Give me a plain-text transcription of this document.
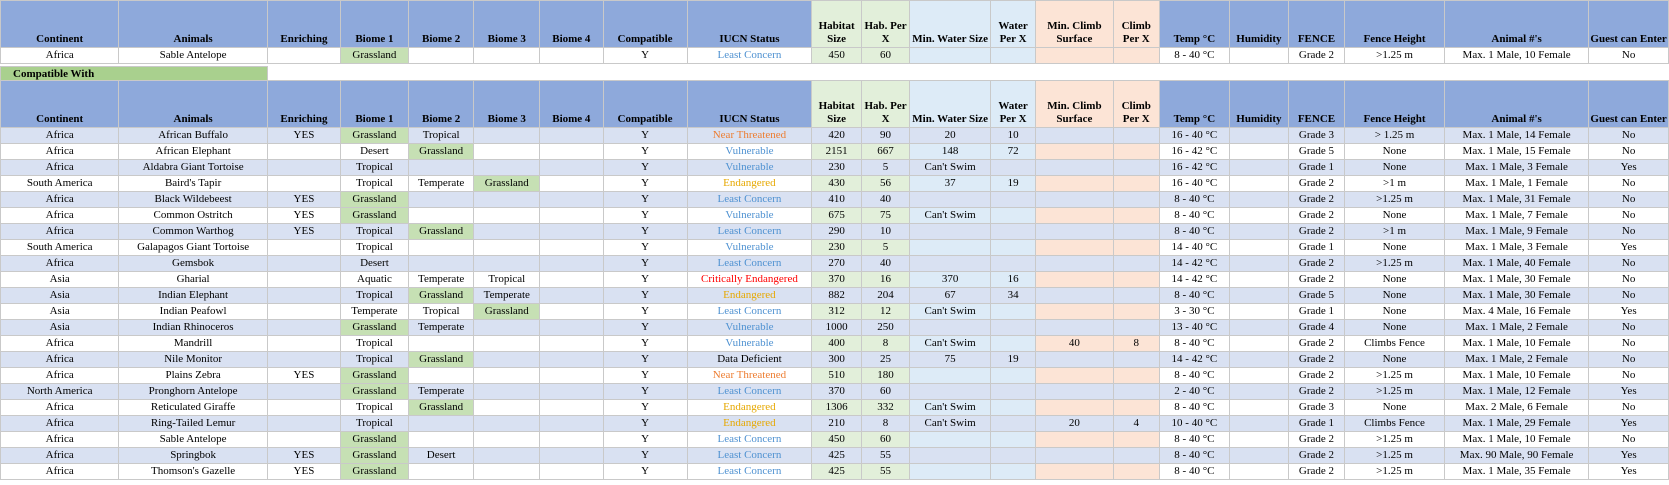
Continent	Animals	Enriching	Biome 1	Biome 2	Biome 3	Biome 4	Compatible	IUCN Status	Habitat Size	Hab. Per X	Min. Water Size	Water Per X	Min. Climb Surface	Climb Per X	Temp °C	Humidity	FENCE	Fence Height	Animal #'s	Guest can Enter
Africa	Sable Antelope		Grassland				Y	Least Concern	450	60					8 - 40 °C		Grade 2	>1.25 m	Max. 1 Male, 10 Female	No
Compatible With	
Continent	Animals	Enriching	Biome 1	Biome 2	Biome 3	Biome 4	Compatible	IUCN Status	Habitat Size	Hab. Per X	Min. Water Size	Water Per X	Min. Climb Surface	Climb Per X	Temp °C	Humidity	FENCE	Fence Height	Animal #'s	Guest can Enter
Africa	African Buffalo	YES	Grassland	Tropical			Y	Near Threatened	420	90	20	10			16 - 40 °C		Grade 3	> 1.25 m	Max. 1 Male, 14 Female	No
Africa	African Elephant		Desert	Grassland			Y	Vulnerable	2151	667	148	72			16 - 42 °C		Grade 5	None	Max. 1 Male, 15 Female	No
Africa	Aldabra Giant Tortoise		Tropical				Y	Vulnerable	230	5	Can't Swim				16 - 42 °C		Grade 1	None	Max. 1 Male, 3 Female	Yes
South America	Baird's Tapir		Tropical	Temperate	Grassland		Y	Endangered	430	56	37	19			16 - 40 °C		Grade 2	>1 m	Max. 1 Male, 1 Female	No
Africa	Black Wildebeest	YES	Grassland				Y	Least Concern	410	40					8 - 40 °C		Grade 2	>1.25 m	Max. 1 Male, 31 Female	No
Africa	Common Ostritch	YES	Grassland				Y	Vulnerable	675	75	Can't Swim				8 - 40 °C		Grade 2	None	Max. 1 Male, 7 Female	No
Africa	Common Warthog	YES	Tropical	Grassland			Y	Least Concern	290	10					8 - 40 °C		Grade 2	>1 m	Max. 1 Male, 9 Female	No
South America	Galapagos Giant Tortoise		Tropical				Y	Vulnerable	230	5					14 - 40 °C		Grade 1	None	Max. 1 Male, 3 Female	Yes
Africa	Gemsbok		Desert				Y	Least Concern	270	40					14 - 42 °C		Grade 2	>1.25 m	Max. 1 Male, 40 Female	No
Asia	Gharial		Aquatic	Temperate	Tropical		Y	Critically Endangered	370	16	370	16			14 - 42 °C		Grade 2	None	Max. 1 Male, 30 Female	No
Asia	Indian Elephant		Tropical	Grassland	Temperate		Y	Endangered	882	204	67	34			8 - 40 °C		Grade 5	None	Max. 1 Male, 30 Female	No
Asia	Indian Peafowl		Temperate	Tropical	Grassland		Y	Least Concern	312	12	Can't Swim				3 - 30 °C		Grade 1	None	Max. 4 Male, 16 Female	Yes
Asia	Indian Rhinoceros		Grassland	Temperate			Y	Vulnerable	1000	250					13 - 40 °C		Grade 4	None	Max. 1 Male, 2 Female	No
Africa	Mandrill		Tropical				Y	Vulnerable	400	8	Can't Swim		40	8	8 - 40 °C		Grade 2	Climbs Fence	Max. 1 Male, 10 Female	No
Africa	Nile Monitor		Tropical	Grassland			Y	Data Deficient	300	25	75	19			14 - 42 °C		Grade 2	None	Max. 1 Male, 2 Female	No
Africa	Plains Zebra	YES	Grassland				Y	Near Threatened	510	180					8 - 40 °C		Grade 2	>1.25 m	Max. 1 Male, 10 Female	No
North America	Pronghorn Antelope		Grassland	Temperate			Y	Least Concern	370	60					2 - 40 °C		Grade 2	>1.25 m	Max. 1 Male, 12 Female	Yes
Africa	Reticulated Giraffe		Tropical	Grassland			Y	Endangered	1306	332	Can't Swim				8 - 40 °C		Grade 3	None	Max. 2 Male, 6 Female	No
Africa	Ring-Tailed Lemur		Tropical				Y	Endangered	210	8	Can't Swim		20	4	10 - 40 °C		Grade 1	Climbs Fence	Max. 1 Male, 29 Female	Yes
Africa	Sable Antelope		Grassland				Y	Least Concern	450	60					8 - 40 °C		Grade 2	>1.25 m	Max. 1 Male, 10 Female	No
Africa	Springbok	YES	Grassland	Desert			Y	Least Concern	425	55					8 - 40 °C		Grade 2	>1.25 m	Max. 90 Male, 90 Female	Yes
Africa	Thomson's Gazelle	YES	Grassland				Y	Least Concern	425	55					8 - 40 °C		Grade 2	>1.25 m	Max. 1 Male, 35 Female	Yes
